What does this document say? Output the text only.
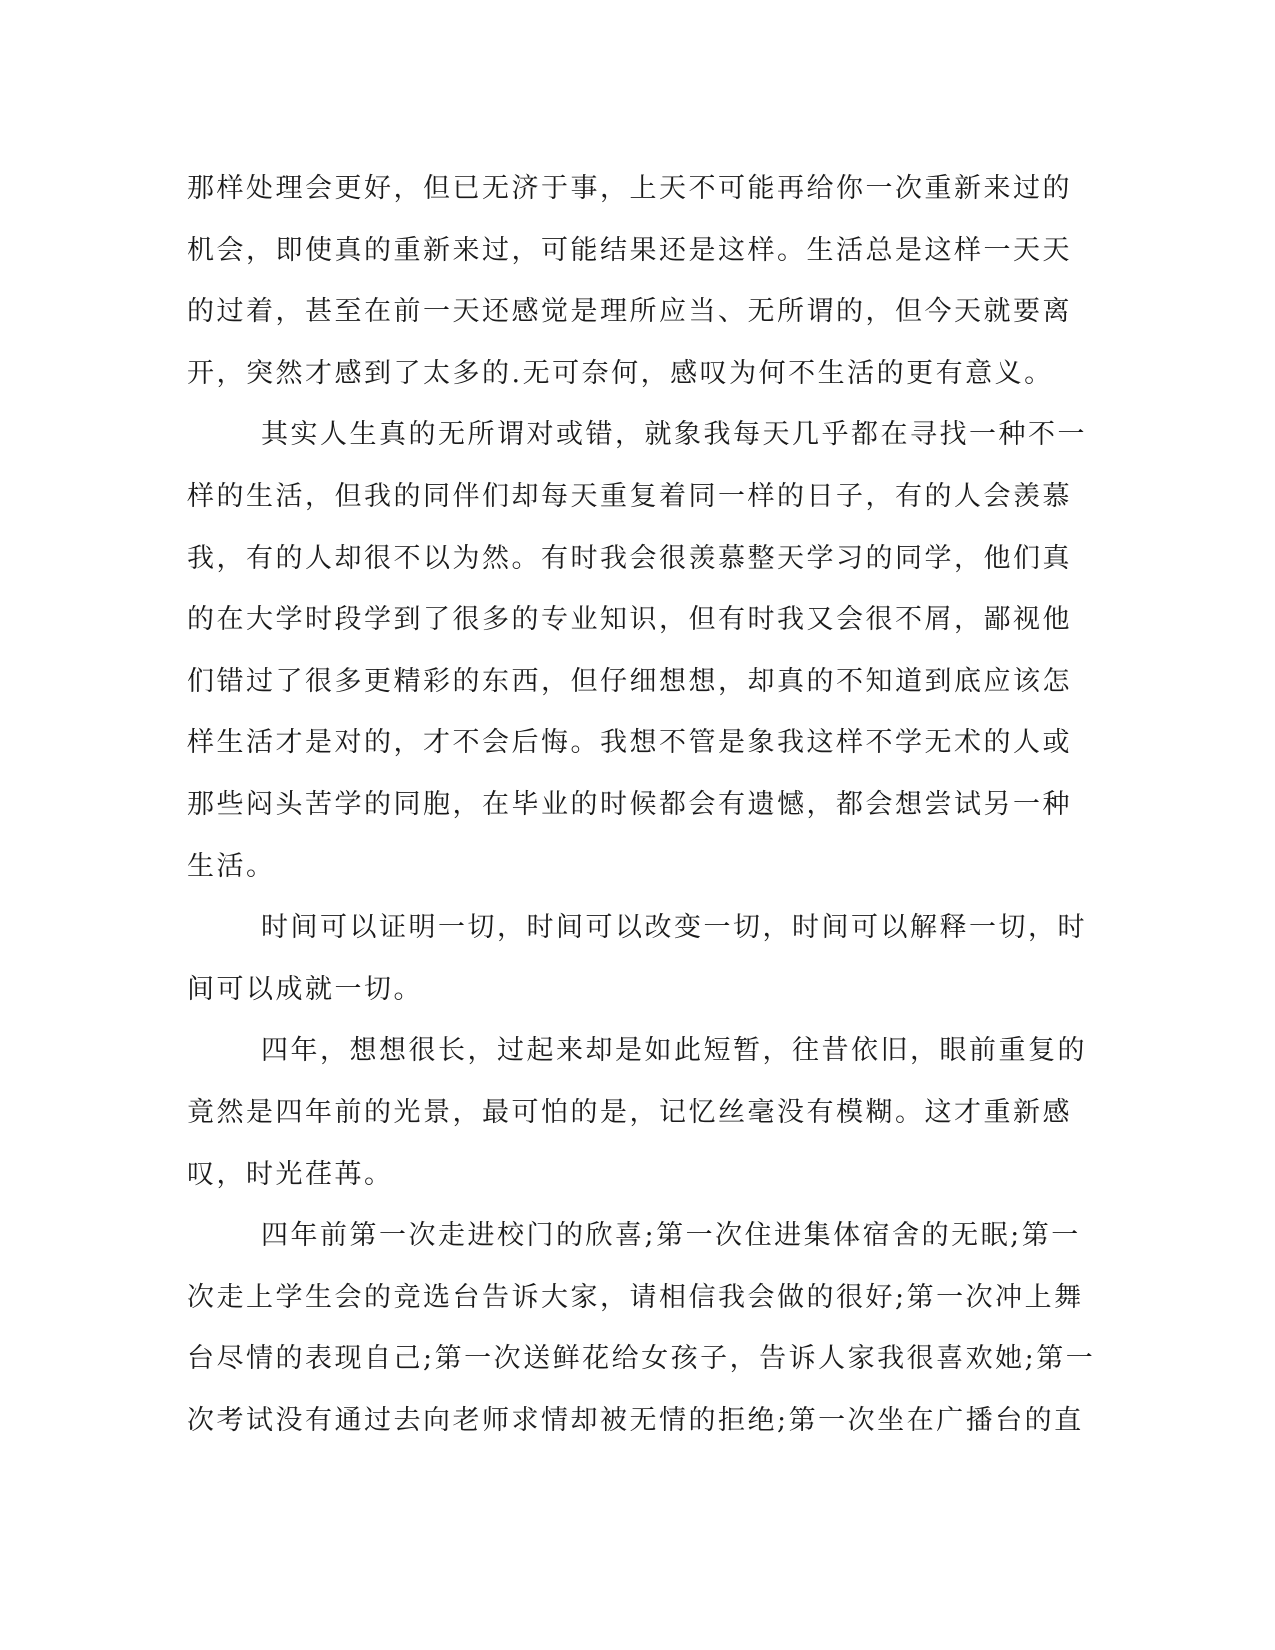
那样处理会更好，但已无济于事，上天不可能再给你一次重新来过的
机会，即使真的重新来过，可能结果还是这样。生活总是这样一天天
的过着，甚至在前一天还感觉是理所应当、无所谓的，但今天就要离
开，突然才感到了太多的.无可奈何，感叹为何不生活的更有意义。
其实人生真的无所谓对或错，就象我每天几乎都在寻找一种不一
样的生活，但我的同伴们却每天重复着同一样的日子，有的人会羡慕
我，有的人却很不以为然。有时我会很羡慕整天学习的同学，他们真
的在大学时段学到了很多的专业知识，但有时我又会很不屑，鄙视他
们错过了很多更精彩的东西，但仔细想想，却真的不知道到底应该怎
样生活才是对的，才不会后悔。我想不管是象我这样不学无术的人或
那些闷头苦学的同胞，在毕业的时候都会有遗憾，都会想尝试另一种
生活。
时间可以证明一切，时间可以改变一切，时间可以解释一切，时
间可以成就一切。
四年，想想很长，过起来却是如此短暂，往昔依旧，眼前重复的
竟然是四年前的光景，最可怕的是，记忆丝毫没有模糊。这才重新感
叹，时光荏苒。
四年前第一次走进校门的欣喜;第一次住进集体宿舍的无眠;第一
次走上学生会的竞选台告诉大家，请相信我会做的很好;第一次冲上舞
台尽情的表现自己;第一次送鲜花给女孩子，告诉人家我很喜欢她;第一
次考试没有通过去向老师求情却被无情的拒绝;第一次坐在广播台的直
